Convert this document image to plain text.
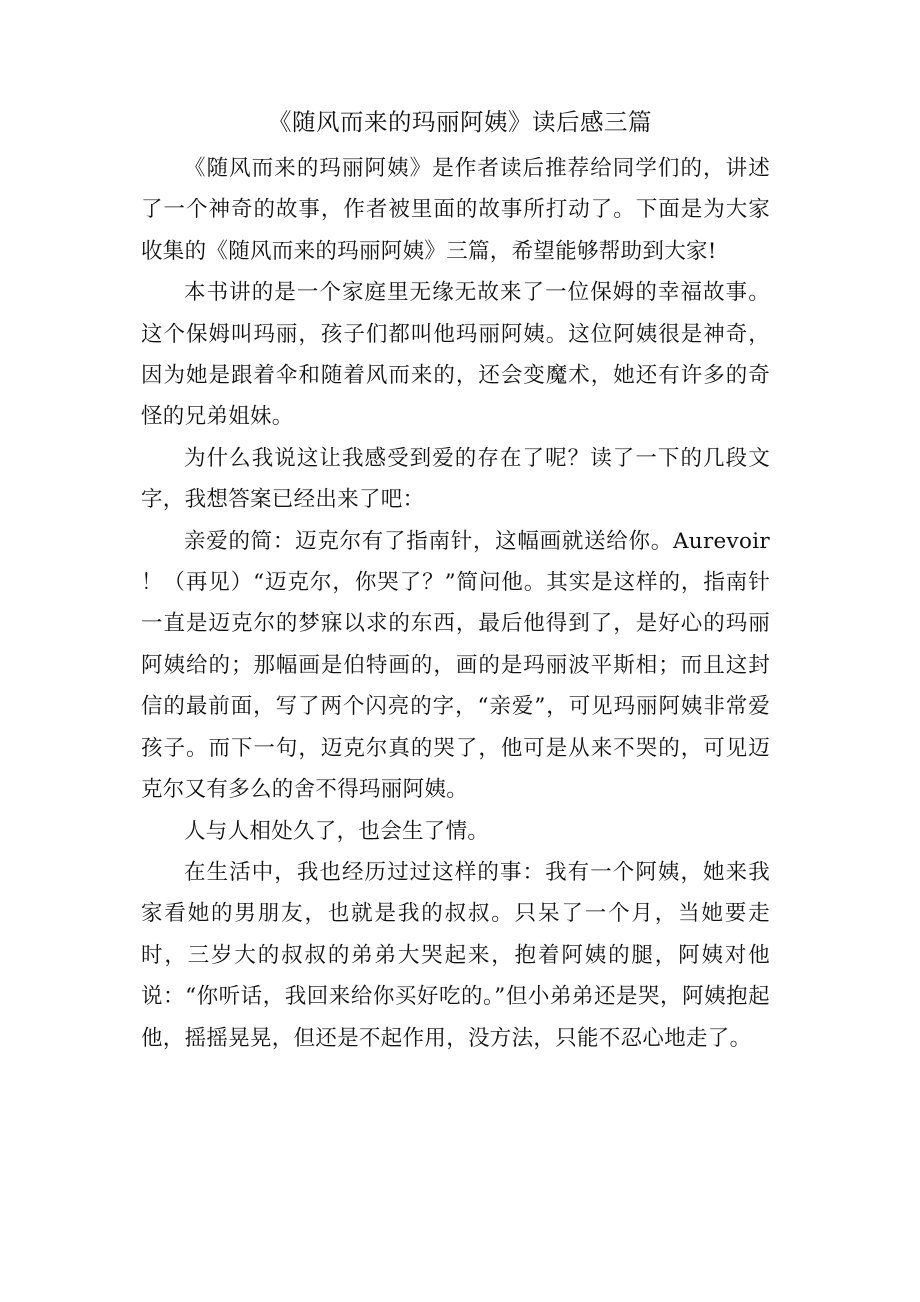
《随风而来的玛丽阿姨》读后感三篇

《随风而来的玛丽阿姨》是作者读后推荐给同学们的，讲述了一个神奇的故事，作者被里面的故事所打动了。下面是为大家收集的《随风而来的玛丽阿姨》三篇，希望能够帮助到大家!

本书讲的是一个家庭里无缘无故来了一位保姆的幸福故事。这个保姆叫玛丽，孩子们都叫他玛丽阿姨。这位阿姨很是神奇，因为她是跟着伞和随着风而来的，还会变魔术，她还有许多的奇怪的兄弟姐妹。

为什么我说这让我感受到爱的存在了呢？读了一下的几段文字，我想答案已经出来了吧：

亲爱的简：迈克尔有了指南针，这幅画就送给你。Aurevoir ！（再见）“迈克尔，你哭了？”简问他。其实是这样的，指南针一直是迈克尔的梦寐以求的东西，最后他得到了，是好心的玛丽阿姨给的；那幅画是伯特画的，画的是玛丽波平斯相；而且这封信的最前面，写了两个闪亮的字，“亲爱”，可见玛丽阿姨非常爱孩子。而下一句，迈克尔真的哭了，他可是从来不哭的，可见迈克尔又有多么的舍不得玛丽阿姨。

人与人相处久了，也会生了情。

在生活中，我也经历过过这样的事：我有一个阿姨，她来我家看她的男朋友，也就是我的叔叔。只呆了一个月，当她要走时，三岁大的叔叔的弟弟大哭起来，抱着阿姨的腿，阿姨对他说：“你听话，我回来给你买好吃的。”但小弟弟还是哭，阿姨抱起他，摇摇晃晃，但还是不起作用，没方法，只能不忍心地走了。
